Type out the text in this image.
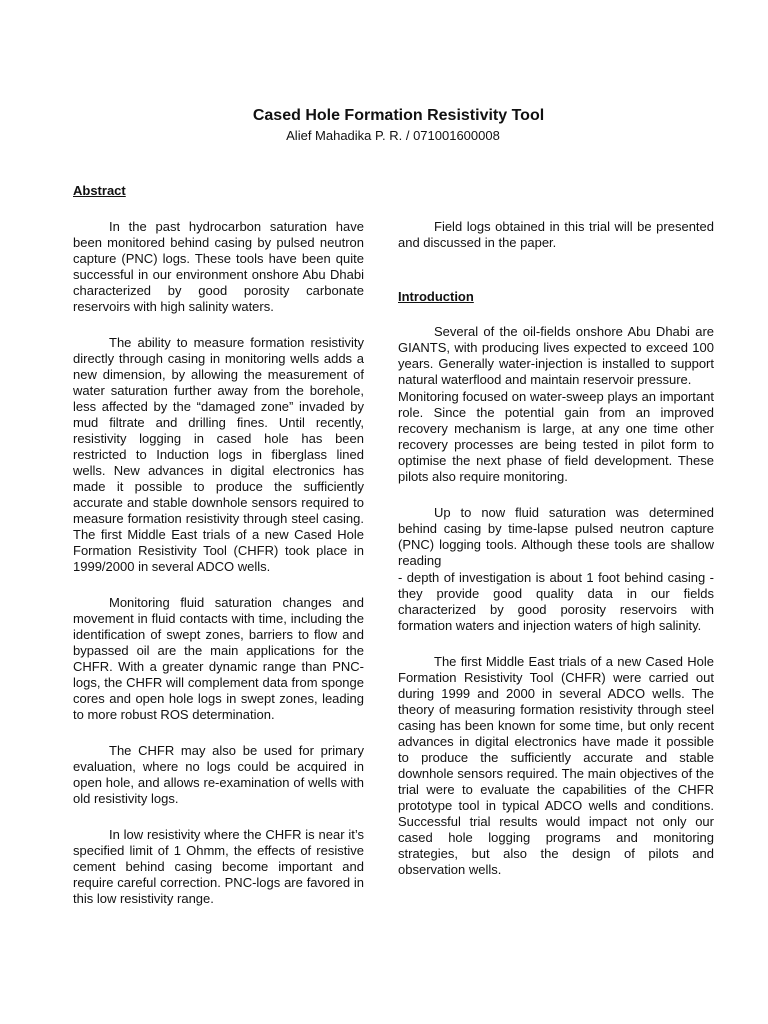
Cased Hole Formation Resistivity Tool
Alief Mahadika P. R. / 071001600008
Abstract

In the past hydrocarbon saturation have been monitored behind casing by pulsed neutron capture (PNC) logs. These tools have been quite successful in our environment onshore Abu Dhabi characterized by good porosity carbonate reservoirs with high salinity waters.

The ability to measure formation resistivity directly through casing in monitoring wells adds a new dimension, by allowing the measurement of water saturation further away from the borehole, less affected by the “damaged zone” invaded by mud filtrate and drilling fines. Until recently, resistivity logging in cased hole has been restricted to Induction logs in fiberglass lined wells. New advances in digital electronics has made it possible to produce the sufficiently accurate and stable downhole sensors required to measure formation resistivity through steel casing. The first Middle East trials of a new Cased Hole Formation Resistivity Tool (CHFR) took place in 1999/2000 in several ADCO wells.

Monitoring fluid saturation changes and movement in fluid contacts with time, including the identification of swept zones, barriers to flow and bypassed oil are the main applications for the CHFR. With a greater dynamic range than PNC-logs, the CHFR will complement data from sponge cores and open hole logs in swept zones, leading to more robust ROS determination.

The CHFR may also be used for primary evaluation, where no logs could be acquired in open hole, and allows re-examination of wells with old resistivity logs.

In low resistivity where the CHFR is near it’s specified limit of 1 Ohmm, the effects of resistive cement behind casing become important and require careful correction. PNC-logs are favored in this low resistivity range.

Field logs obtained in this trial will be presented and discussed in the paper.

Introduction

Several of the oil-fields onshore Abu Dhabi are GIANTS, with producing lives expected to exceed 100 years. Generally water-injection is installed to support natural waterflood and maintain reservoir pressure.

Monitoring focused on water-sweep plays an important role. Since the potential gain from an improved recovery mechanism is large, at any one time other recovery processes are being tested in pilot form to optimise the next phase of field development. These pilots also require monitoring.

Up to now fluid saturation was determined behind casing by time-lapse pulsed neutron capture (PNC) logging tools. Although these tools are shallow reading

- depth of investigation is about 1 foot behind casing - they provide good quality data in our fields characterized by good porosity reservoirs with formation waters and injection waters of high salinity.

The first Middle East trials of a new Cased Hole Formation Resistivity Tool (CHFR) were carried out during 1999 and 2000 in several ADCO wells. The theory of measuring formation resistivity through steel casing has been known for some time, but only recent advances in digital electronics have made it possible to produce the sufficiently accurate and stable downhole sensors required. The main objectives of the trial were to evaluate the capabilities of the CHFR prototype tool in typical ADCO wells and conditions. Successful trial results would impact not only our cased hole logging programs and monitoring strategies, but also the design of pilots and observation wells.
